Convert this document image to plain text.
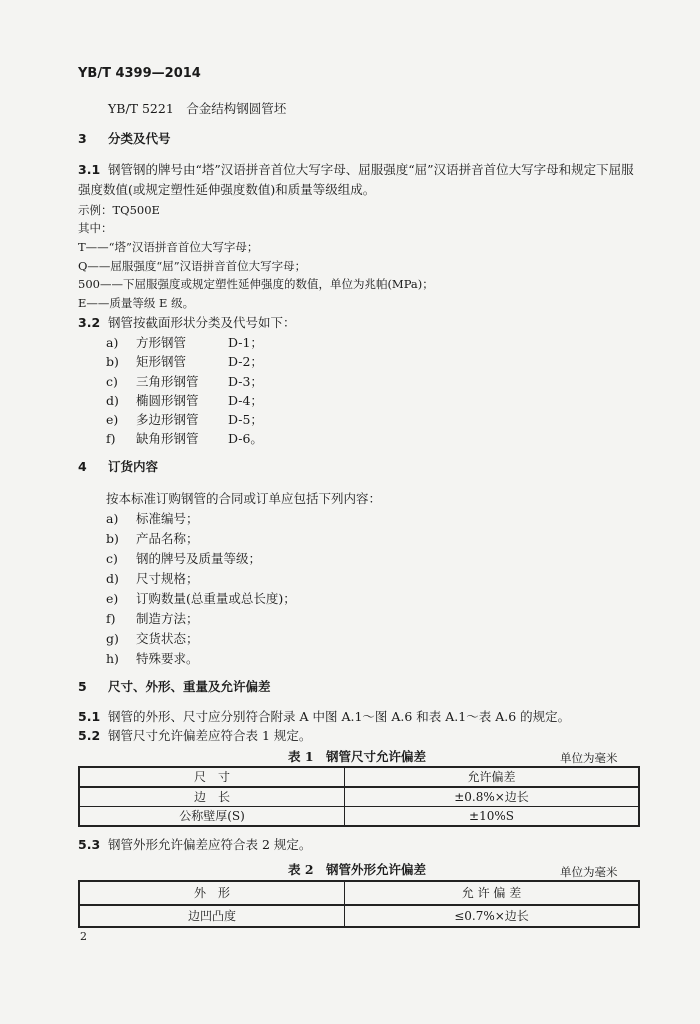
YB/T 4399—2014
YB/T 5221　合金结构钢圆管坯
3 分类及代号
3.1 钢管钢的牌号由“塔”汉语拼音首位大写字母、屈服强度“屈”汉语拼音首位大写字母和规定下屈服
强度数值(或规定塑性延伸强度数值)和质量等级组成。
示例：TQ500E
其中：
T——“塔”汉语拼音首位大写字母；
Q——屈服强度“屈”汉语拼音首位大写字母；
500——下屈服强度或规定塑性延伸强度的数值，单位为兆帕(MPa)；
E——质量等级 E 级。
3.2 钢管按截面形状分类及代号如下：
a) 方形钢管	D-1；
b) 矩形钢管	D-2；
c) 三角形钢管 D-3；
d) 椭圆形钢管 D-4；
e) 多边形钢管 D-5；
f) 缺角形钢管 D-6。
4 订货内容
按本标准订购钢管的合同或订单应包括下列内容：
a) 标准编号；
b) 产品名称；
c) 钢的牌号及质量等级；
d) 尺寸规格；
e) 订购数量(总重量或总长度)；
f) 制造方法；
g) 交货状态；
h) 特殊要求。
5 尺寸、外形、重量及允许偏差
5.1 钢管的外形、尺寸应分别符合附录 A 中图 A.1～图 A.6 和表 A.1～表 A.6 的规定。
5.2 钢管尺寸允许偏差应符合表 1 规定。
表 1　钢管尺寸允许偏差	单位为毫米
尺　寸	允许偏差
边　长	±0.8%×边长
公称壁厚(S)	±10%S
5.3 钢管外形允许偏差应符合表 2 规定。
表 2　钢管外形允许偏差	单位为毫米
外　形	允 许 偏 差
边凹凸度	≤0.7%×边长
2
